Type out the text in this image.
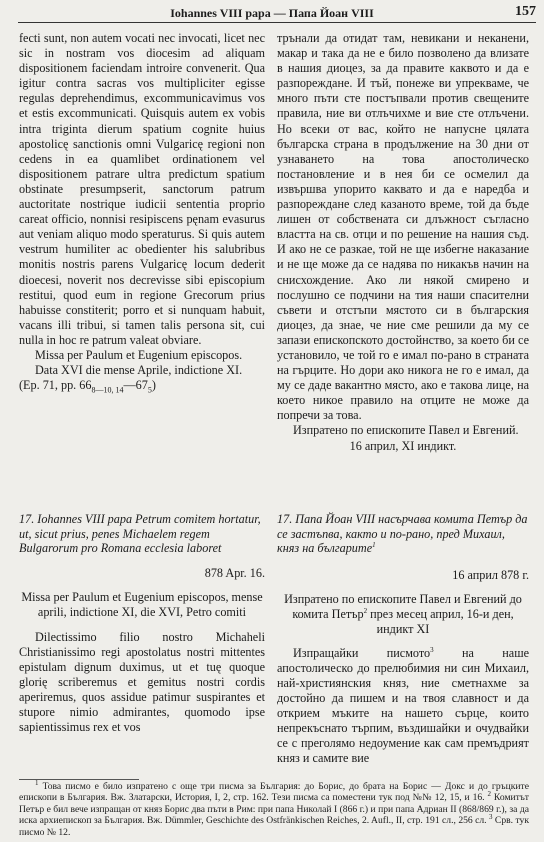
Iohannes VIII papa — Папа Йоан VIII	157

fecti sunt, non autem vocati nec invocati, licet nec sic in nostram vos diocesim ad aliquam dispositionem faciendam introire convenerit. Qua igitur contra sacras vos multipliciter egisse regulas deprehendimus, excommunicavimus vos et estis excommunicati. Quisquis autem ex vobis intra triginta dierum spatium cognite huius apostolicę sanctionis omni Vulgaricę regioni non cedens in ea quamlibet ordinationem vel dispositionem patrare ultra predictum spatium obstinate presumpserit, sanctorum patrum auctoritate nostrique iudicii sententia proprio careat officio, nonnisi resipiscens pęnam evasurus aut veniam aliquo modo speraturus. Si quis autem vestrum humiliter ac obedienter his salubribus monitis nostris parens Vulgaricę locum dederit dioecesi, noverit nos decrevisse sibi episcopium restitui, quod eum in regione Grecorum prius habuisse constiterit; porro et si nunquam habuit, vacans illi tribui, si tamen talis persona sit, cui nulla in hoc re patrum valeat obviare.

Missa per Paulum et Eugenium episcopos.

Data XVI die mense Aprile, indictione XI.

(Ep. 71, pp. $66_{8—10, 14}—67_5$)

трънали да отидат там, невикани и неканени, макар и така да не е било позволено да влизате в нашия диоцез, за да правите каквото и да е разпореждане. И тъй, понеже ви упрекваме, че много пъти сте постъпвали против свещените правила, ние ви отлъчихме и вие сте отлъчени. Но всеки от вас, който не напусне цялата българска страна в продължение на 30 дни от узнаването на това апостолическо постановление и в нея би се осмелил да извършва упорито каквато и да е наредба и разпореждане след казаното време, той да бъде лишен от собствената си длъжност съгласно властта на св. отци и по решение на нашия съд. И ако не се разкае, той не ще избегне наказание и не ще може да се надява по никакъв начин на снисхождение. Ако ли някой смирено и послушно се подчини на тия наши спасителни съвети и отстъпи мястото си в българския диоцез, да знае, че ние сме решили да му се запази епископското достойнство, за което би се установило, че той го е имал по-рано в страната на гърците. Но дори ако никога не го е имал, да му се даде вакантно място, ако е такова лице, на което никое правило на отците не може да попречи за това.

Изпратено по епископите Павел и Евгений.

16 април, XI индикт.

17. Iohannes VIII papa Petrum comitem hortatur, ut, sicut prius, penes Michaelem regem Bulgarorum pro Romana ecclesia laboret

878 Apr. 16.

Missa per Paulum et Eugenium episcopos, mense aprili, indictione XI, die XVI, Petro comiti

Dilectissimo filio nostro Michaheli Christianissimo regi apostolatus nostri mittentes epistulam dignum duximus, ut et tuę quoque glorię scriberemus et gemitus nostri cordis aperiremus, quos assidue patimur suspirantes et stupore nimio admirantes, quomodo ipse sapientissimus rex et vos

17. Папа Йоан VIII насърчава комита Петър да се застъпва, както и по-рано, пред Михаил, княз на българите$^1$

16 април 878 г.

Изпратено по епископите Павел и Евгений до комита Петър$^2$ през месец април, 16-и ден, индикт XI

Изпращайки писмото$^3$ на наше апостолическо до прелюбимия ни син Михаил, най-християнския княз, ние сметнахме за достойно да пишем и на твоя славност и да открием мъките на нашето сърце, които непрекъснато търпим, въздишайки и очудвайки се с преголямо недоумение как сам премъдрият княз и самите вие

$^1$ Това писмо е било изпратено с още три писма за България: до Борис, до брата на Борис — Докс и до гръцките епископи в България. Вж. Златарски, История, I, 2, стр. 162. Тези писма са поместени тук под №№ 12, 15, и 16. $^2$ Комитът Петър е бил вече изпращан от княз Борис два пъти в Рим: при папа Николай I (866 г.) и при папа Адриан II (868/869 г.), за да иска архиепископ за България. Вж. Dümmler, Geschichte des Ostfränkischen Reiches, 2. Aufl., II, стр. 191 сл., 256 сл. $^3$ Срв. тук писмо № 12.
